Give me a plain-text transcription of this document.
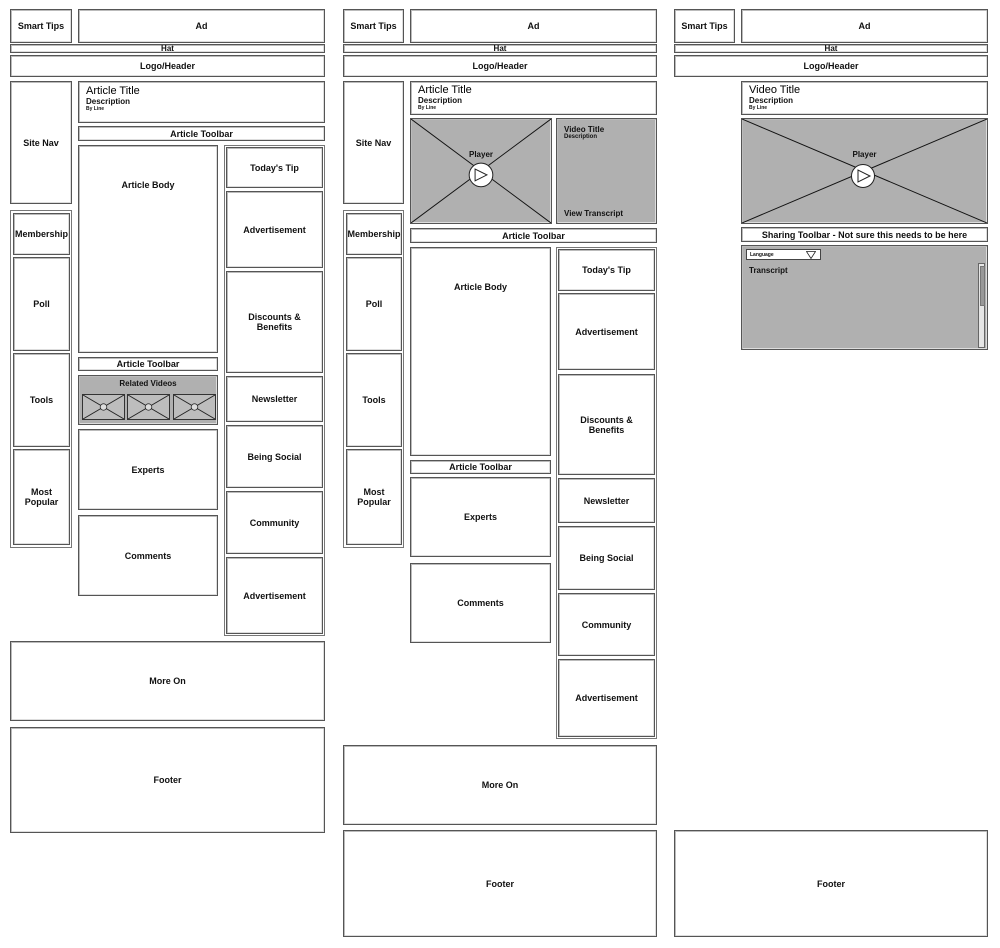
Smart Tips	Ad
Hat
Logo/Header
Site Nav
Article Title
Description
By Line
Article Toolbar
Membership
Poll
Tools
Most Popular
Article Body
Article Toolbar
Related Videos
Experts
Comments
Today's Tip
Advertisement
Discounts & Benefits
Newsletter
Being Social
Community
Advertisement
More On
Footer
Smart Tips	Ad
Hat
Logo/Header
Site Nav
Article Title
Description
By Line
Player
Video Title
Description
View Transcript
Article Toolbar
Membership
Poll
Tools
Most Popular
Article Body
Article Toolbar
Experts
Comments
Today's Tip
Advertisement
Discounts & Benefits
Newsletter
Being Social
Community
Advertisement
More On
Footer
Smart Tips	Ad
Hat
Logo/Header
Video Title
Description
By Line
Player
Sharing Toolbar - Not sure this needs to be here
Language
Transcript
Footer
